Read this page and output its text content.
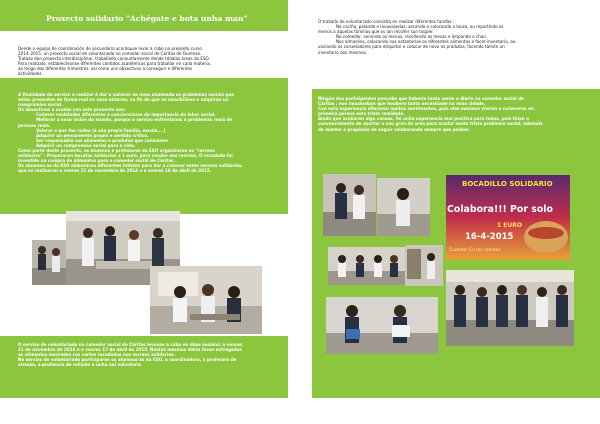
Proxecto solidario "Achégate e bota unha man"
Dende o equipo de coordinación de secundaria acordouse levar a cabo no presente curso
2014–2015, un proxecto social de voluntariado no comedor social de Cáritas de Ourense.
Tratase dun proxecto interdisciplinar, traballado conxuntamente dende tódalas áreas da ESO.
Para realizalo, establecéronse diferentes contidos académicos para traballar en cada materia,
ao longo dos diferentes trimestres, así como uns obxectivos a conseguir e diferentes
actividades .
A finalidade do servizo a realizar é dar a coñecer ao noso alumnado os problemas sociais que
están presentes de forma real no noso entorno, co fin de que se sensibilicen e adquiran un
compromiso social.
Os obxectivos a acadar con este proxecto son:
Coñecer realidades diferentes e concienciarse da importancia do labor social.
Mellorar a nosa visión do mundo, porque o servizo enfróntanos a problemas reais de
persoas reais.
Valorar o que fan rodea (á súa propia familia, escola,...)
Adquirir un pensamento propio e sentido crítico.
Ser responsable cos alimentos e produtos que consumen
Adquirir un compromiso social para a vida.
Como parte deste proxecto, os alumnos e profesores da ESO organizaron os "recreos
solidarios" : Prepararon bocatas solidarios a 1 euro, para vender nos recreos. O recadado foi
investido na compra de alimentos para o comedor social de Cáritas .
Os alumnos-as da ESO elaboraron diferentes folletos para dar a coñecer estes recreos solidarios,
que se realizaron o venres 21 de novembro de 2014 e o venres 16 de abril do 2015.
O servizo de voluntariado no comedor social de Cáritas levouse a cabo en dúas sesións: o venres
21 de novembro de 2014 e o venres 17 de abril do 2015. Nestas mesmas datas foron entregados
os alimentos mercados cos cartos recadados nos recreos solidarios.
No servizo de voluntariado participaron os alumnos-as da ESO, a coordinadora, a profesora de
alemán, a profesora de relixión e unha nai voluntaria
O traballo de voluntariado consistía en realizar diferentes tarefas :
Na cociña, pelando e lavavaixelas, secando e colocando a louza, ou repartindo os
menús a aquelas familias que os ían recoller sun topper.
No comedor, servindo os menús, recollendo as mesas e limpando o chan .
Nos almacéns, colocando nas estanterías os diferentes alimentos e facer inventario, ou
vaciando os conxeladores para etiquetar e colocar de novo os produtos, facendo tamén un
inventario dos mesmos.
Ningún dos participantes pensaba que habería tanta xente a diario no comedor social de
Cáritas ; non imaxinaban que houbera tanta necesidade na nosa cidade.
Con esta experiencia afloraron moitos sentimentos, pois eles mesmos viviron e coñeceron en
primeira persoa esta triste realidade.
Ainda que acabaron algo cansos, foi unha experiencia moi positiva para todos, pois tiñan o
convencemento de aportar o seu gran de area para acadar nesta triste problema social, ademais
de manter o propósito de seguir colaborando sempre que poidan.
BOCADILLO SOLIDARIO
Colabora!!! Por solo
1 EURO
16-4-2015
Cuando: En los recreos
